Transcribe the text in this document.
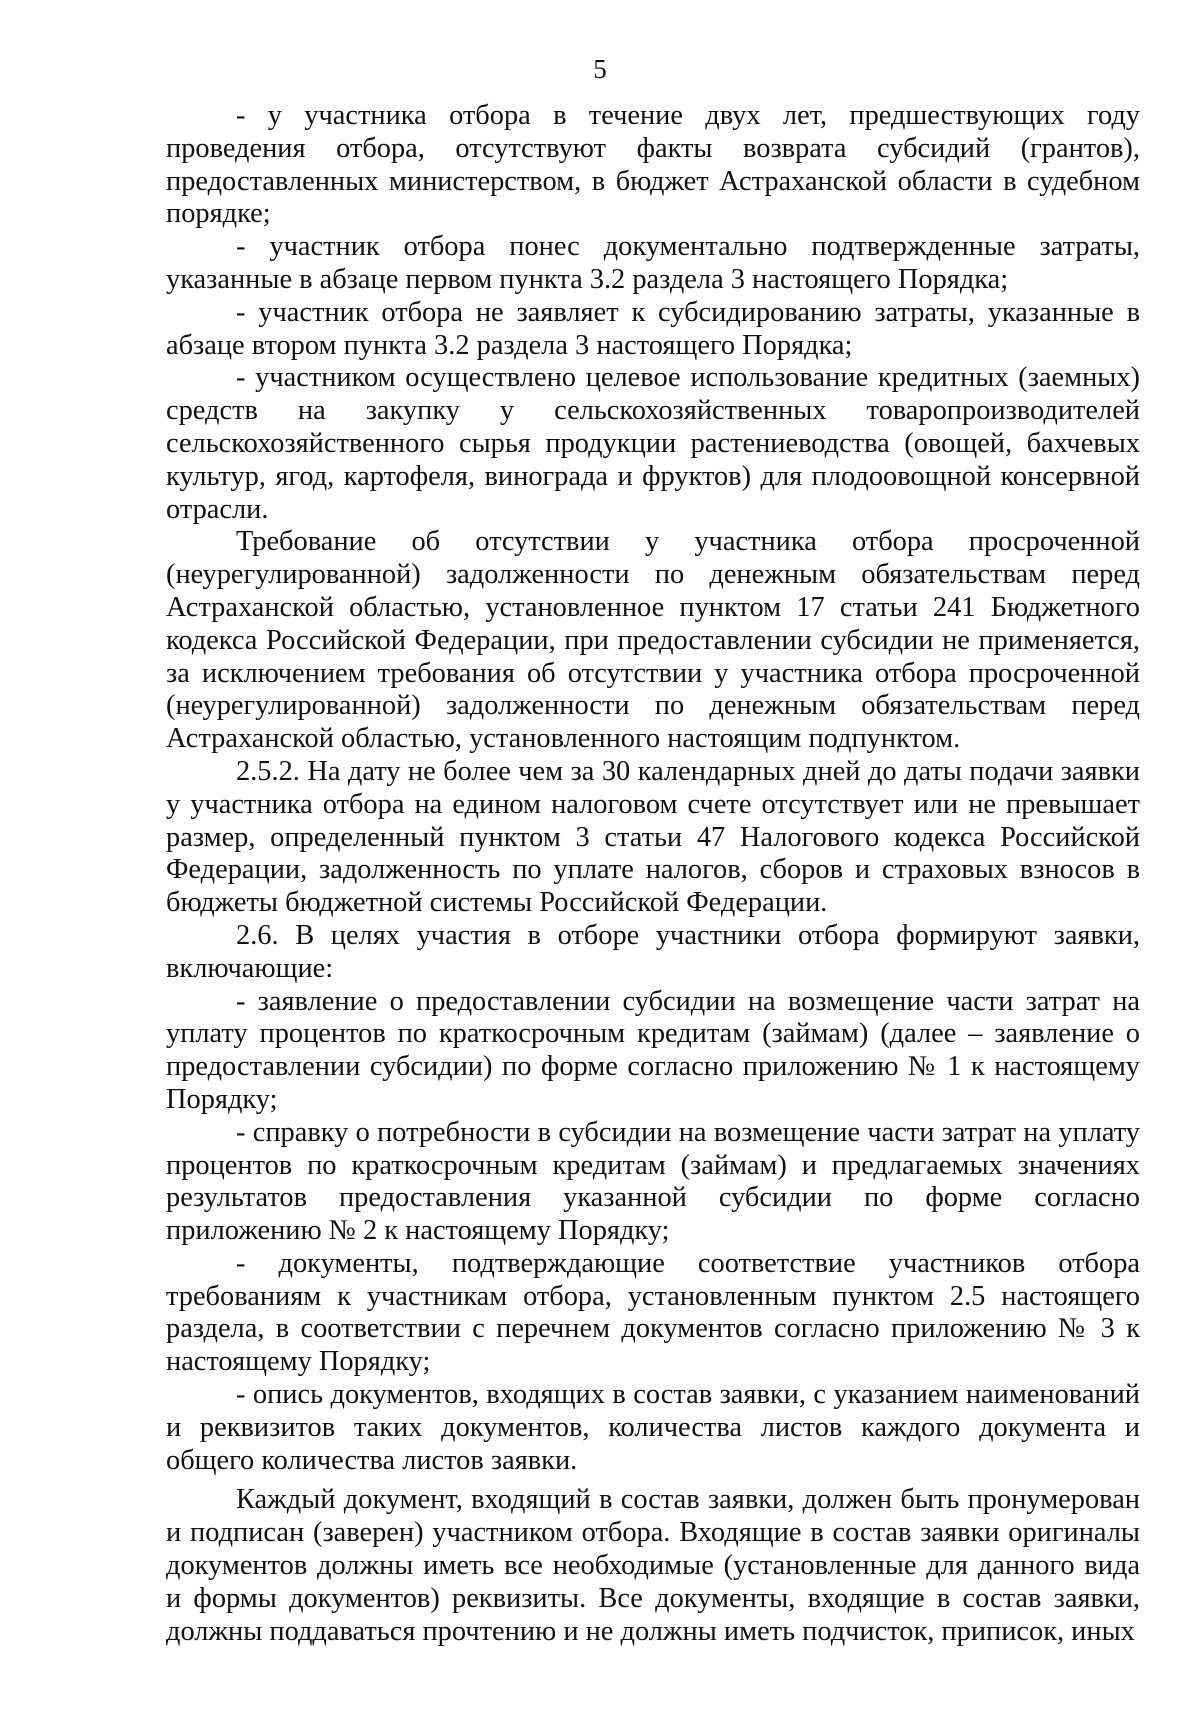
5

- у участника отбора в течение двух лет, предшествующих году проведения отбора, отсутствуют факты возврата субсидий (грантов), предоставленных министерством, в бюджет Астраханской области в судебном порядке;

- участник отбора понес документально подтвержденные затраты, указанные в абзаце первом пункта 3.2 раздела 3 настоящего Порядка;

- участник отбора не заявляет к субсидированию затраты, указанные в абзаце втором пункта 3.2 раздела 3 настоящего Порядка;

- участником осуществлено целевое использование кредитных (заемных) средств на закупку у сельскохозяйственных товаропроизводителей сельскохозяйственного сырья продукции растениеводства (овощей, бахчевых культур, ягод, картофеля, винограда и фруктов) для плодоовощной консервной отрасли.

Требование об отсутствии у участника отбора просроченной (неурегулированной) задолженности по денежным обязательствам перед Астраханской областью, установленное пунктом 17 статьи 241 Бюджетного кодекса Российской Федерации, при предоставлении субсидии не применяется, за исключением требования об отсутствии у участника отбора просроченной (неурегулированной) задолженности по денежным обязательствам перед Астраханской областью, установленного настоящим подпунктом.

2.5.2. На дату не более чем за 30 календарных дней до даты подачи заявки у участника отбора на едином налоговом счете отсутствует или не превышает размер, определенный пунктом 3 статьи 47 Налогового кодекса Российской Федерации, задолженность по уплате налогов, сборов и страховых взносов в бюджеты бюджетной системы Российской Федерации.

2.6. В целях участия в отборе участники отбора формируют заявки, включающие:

- заявление о предоставлении субсидии на возмещение части затрат на уплату процентов по краткосрочным кредитам (займам) (далее – заявление о предоставлении субсидии) по форме согласно приложению № 1 к настоящему Порядку;

- справку о потребности в субсидии на возмещение части затрат на уплату процентов по краткосрочным кредитам (займам) и предлагаемых значениях результатов предоставления указанной субсидии по форме согласно приложению № 2 к настоящему Порядку;

- документы, подтверждающие соответствие участников отбора требованиям к участникам отбора, установленным пунктом 2.5 настоящего раздела, в соответствии с перечнем документов согласно приложению № 3 к настоящему Порядку;

- опись документов, входящих в состав заявки, с указанием наименований и реквизитов таких документов, количества листов каждого документа и общего количества листов заявки.

Каждый документ, входящий в состав заявки, должен быть пронумерован и подписан (заверен) участником отбора. Входящие в состав заявки оригиналы документов должны иметь все необходимые (установленные для данного вида и формы документов) реквизиты. Все документы, входящие в состав заявки, должны поддаваться прочтению и не должны иметь подчисток, приписок, иных
